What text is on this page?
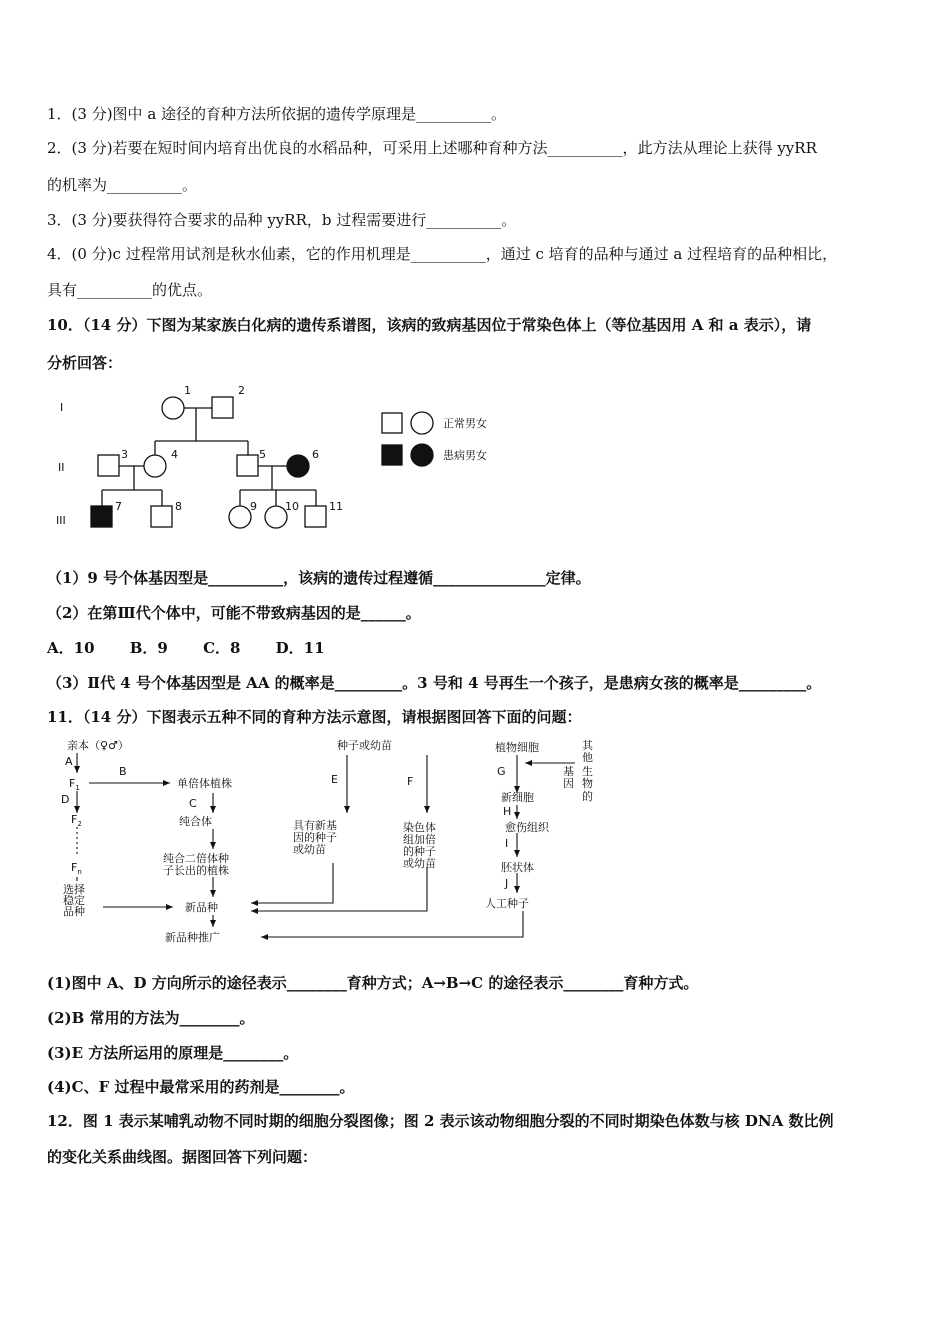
1．(3 分)图中 a 途径的育种方法所依据的遗传学原理是__________。
2．(3 分)若要在短时间内培育出优良的水稻品种，可采用上述哪种育种方法__________，此方法从理论上获得 yyRR
的机率为__________。
3．(3 分)要获得符合要求的品种 yyRR，b 过程需要进行__________。
4．(0 分)c 过程常用试剂是秋水仙素，它的作用机理是__________，通过 c 培育的品种与通过 a 过程培育的品种相比，
具有__________的优点。
10．（14 分）下图为某家族白化病的遗传系谱图，该病的致病基因位于常染色体上（等位基因用 A 和 a 表示），请
分析回答：
I
II
III
1	2
3	4	5	6
7	8	9	10	11
正常男女
患病男女
（1）9 号个体基因型是__________，该病的遗传过程遵循_______________定律。
（2）在第Ⅲ代个体中，可能不带致病基因的是______。
A．10　　 B．9　　 C．8　　 D．11
（3）Ⅱ代 4 号个体基因型是 AA 的概率是_________。3 号和 4 号再生一个孩子，是患病女孩的概率是_________。
11．（14 分）下图表示五种不同的育种方法示意图，请根据图回答下面的问题：
亲本（♀♂）
A
$F_1$
B
D
$F_2$
$F_n$
选择
稳定
品种
单倍体植株
C
纯合体
纯合二倍体种
子长出的植株
新品种
新品种推广
种子或幼苗
E	F
具有新基
因的种子
或幼苗
染色体
组加倍
的种子
或幼苗
植物细胞
G
其
他
生
物
的
基
因
新细胞
H
愈伤组织
I
胚状体
J
人工种子
(1)图中 A、D 方向所示的途径表示________育种方式；A→B→C 的途径表示________育种方式。
(2)B 常用的方法为________。
(3)E 方法所运用的原理是________。
(4)C、F 过程中最常采用的药剂是________。
12．图 1 表示某哺乳动物不同时期的细胞分裂图像；图 2 表示该动物细胞分裂的不同时期染色体数与核 DNA 数比例
的变化关系曲线图。据图回答下列问题：
